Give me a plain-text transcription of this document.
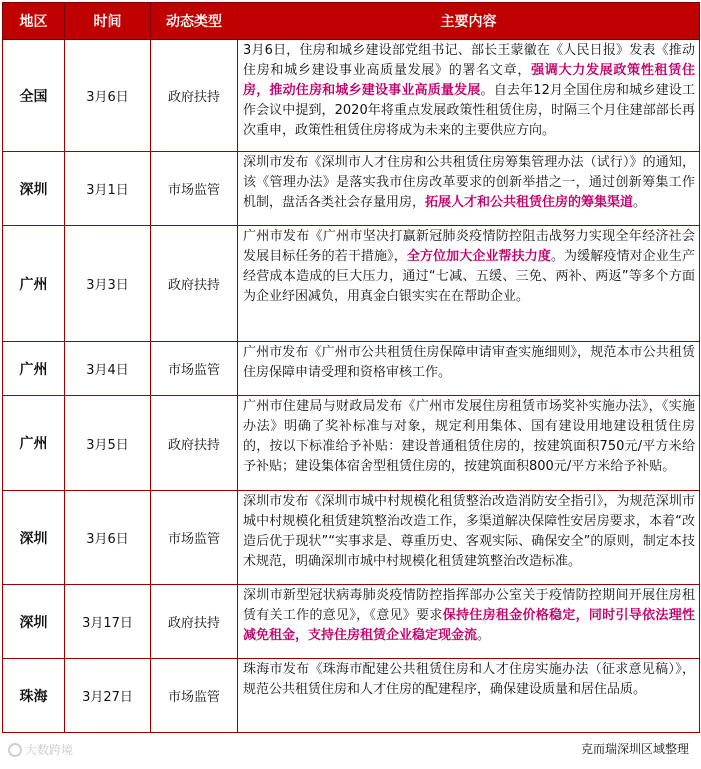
地区	时间	动态类型	主要内容
全国	3月6日	政府扶持	3月6日，住房和城乡建设部党组书记、部长王蒙徽在《人民日报》发表《推动住房和城乡建设事业高质量发展》的署名文章，强调大力发展政策性租赁住房，推动住房和城乡建设事业高质量发展。自去年12月全国住房和城乡建设工作会议中提到，2020年将重点发展政策性租赁住房，时隔三个月住建部部长再次重申，政策性租赁住房将成为未来的主要供应方向。
深圳	3月1日	市场监管	深圳市发布《深圳市人才住房和公共租赁住房筹集管理办法（试行）》的通知，该《管理办法》是落实我市住房改革要求的创新举措之一，通过创新筹集工作机制，盘活各类社会存量用房，拓展人才和公共租赁住房的筹集渠道。
广州	3月3日	政府扶持	广州市发布《广州市坚决打赢新冠肺炎疫情防控阻击战努力实现全年经济社会发展目标任务的若干措施》，全方位加大企业帮扶力度。为缓解疫情对企业生产经营成本造成的巨大压力，通过“七减、五缓、三免、两补、两返”等多个方面为企业纾困减负，用真金白银实实在在帮助企业。
广州	3月4日	市场监管	广州市发布《广州市公共租赁住房保障申请审查实施细则》，规范本市公共租赁住房保障申请受理和资格审核工作。
广州	3月5日	政府扶持	广州市住建局与财政局发布《广州市发展住房租赁市场奖补实施办法》，《实施办法》明确了奖补标准与对象，规定利用集体、国有建设用地建设租赁住房的，按以下标准给予补贴：建设普通租赁住房的，按建筑面积750元/平方米给予补贴；建设集体宿舍型租赁住房的，按建筑面积800元/平方米给予补贴。
深圳	3月6日	市场监管	深圳市发布《深圳市城中村规模化租赁整治改造消防安全指引》，为规范深圳市城中村规模化租赁建筑整治改造工作，多渠道解决保障性安居房要求，本着“改造后优于现状”“实事求是、尊重历史、客观实际、确保安全”的原则，制定本技术规范，明确深圳市城中村规模化租赁建筑整治改造标准。
深圳	3月17日	政府扶持	深圳市新型冠状病毒肺炎疫情防控指挥部办公室关于疫情防控期间开展住房租赁有关工作的意见》，《意见》要求保持住房租金价格稳定，同时引导依法理性减免租金，支持住房租赁企业稳定现金流。
珠海	3月27日	市场监管	珠海市发布《珠海市配建公共租赁住房和人才住房实施办法（征求意见稿）》，规范公共租赁住房和人才住房的配建程序，确保建设质量和居住品质。
大数跨境	克而瑞深圳区域整理
